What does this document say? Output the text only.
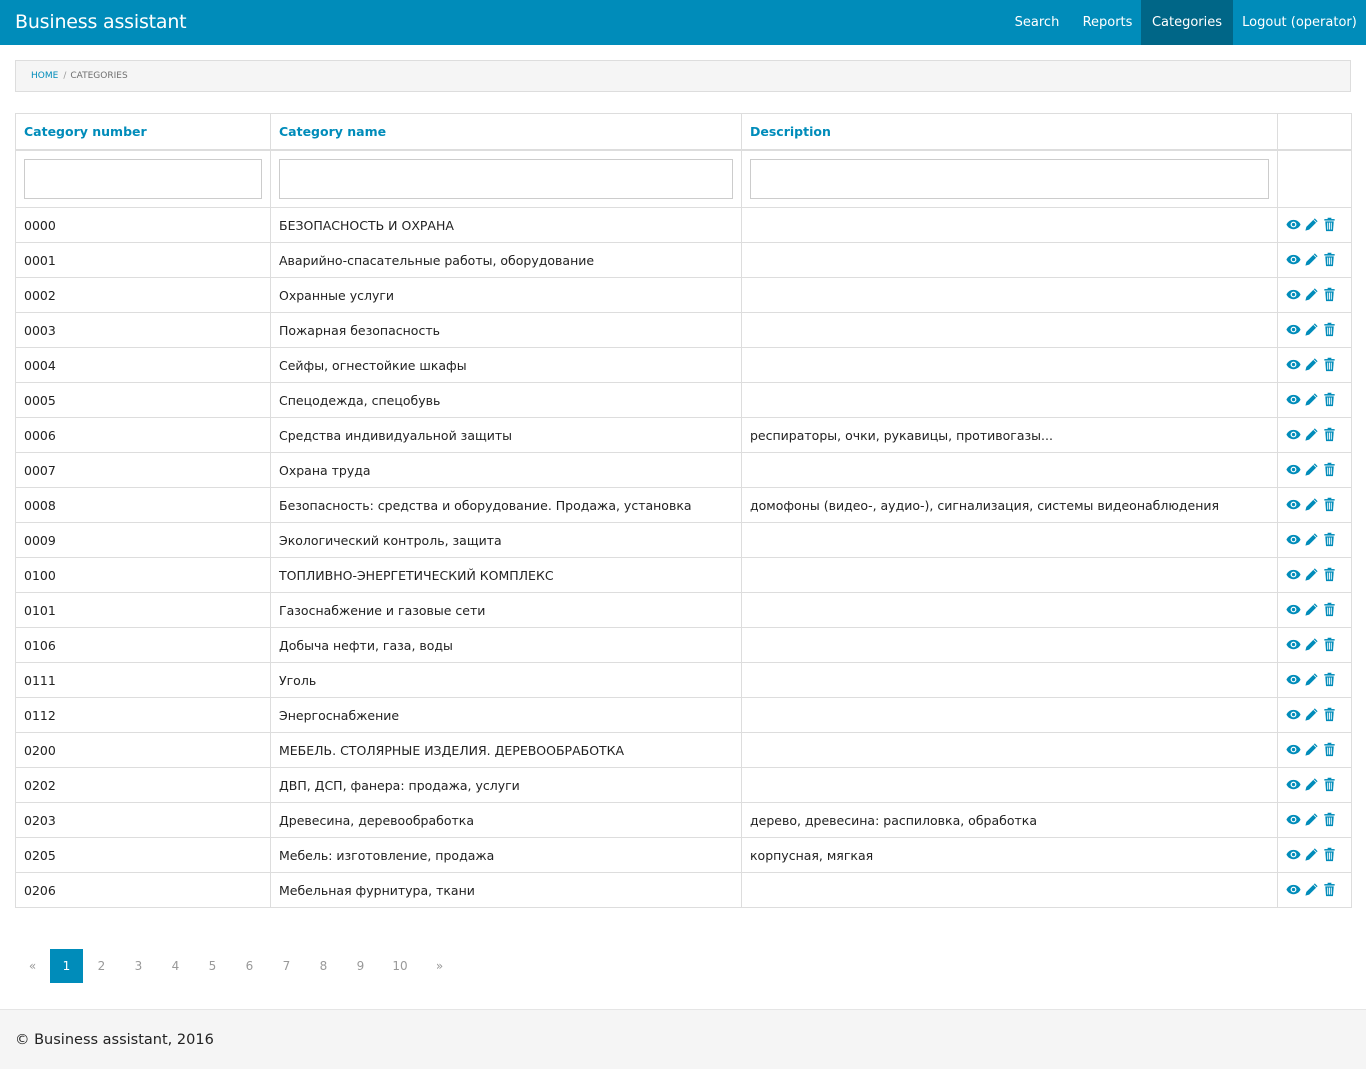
Business assistant	Search	Reports	Categories	Logout (operator)
HOME / CATEGORIES
Category number	Category name	Description	

0000	БЕЗОПАСНОСТЬ И ОХРАНА		

0001	Аварийно-спасательные работы, оборудование		

0002	Охранные услуги		

0003	Пожарная безопасность		

0004	Сейфы, огнестойкие шкафы		

0005	Спецодежда, спецобувь		

0006	Средства индивидуальной защиты	респираторы, очки, рукавицы, противогазы...	

0007	Охрана труда		

0008	Безопасность: средства и оборудование. Продажа, установка	домофоны (видео-, аудио-), сигнализация, системы видеонаблюдения	

0009	Экологический контроль, защита		

0100	ТОПЛИВНО-ЭНЕРГЕТИЧЕСКИЙ КОМПЛЕКС		

0101	Газоснабжение и газовые сети		

0106	Добыча нефти, газа, воды		

0111	Уголь		

0112	Энергоснабжение		

0200	МЕБЕЛЬ. СТОЛЯРНЫЕ ИЗДЕЛИЯ. ДЕРЕВООБРАБОТКА		

0202	ДВП, ДСП, фанера: продажа, услуги		

0203	Древесина, деревообработка	дерево, древесина: распиловка, обработка	

0205	Мебель: изготовление, продажа	корпусная, мягкая	

0206	Мебельная фурнитура, ткани		
«	1	2	3	4	5	6	7	8	9	10	»

© Business assistant, 2016
